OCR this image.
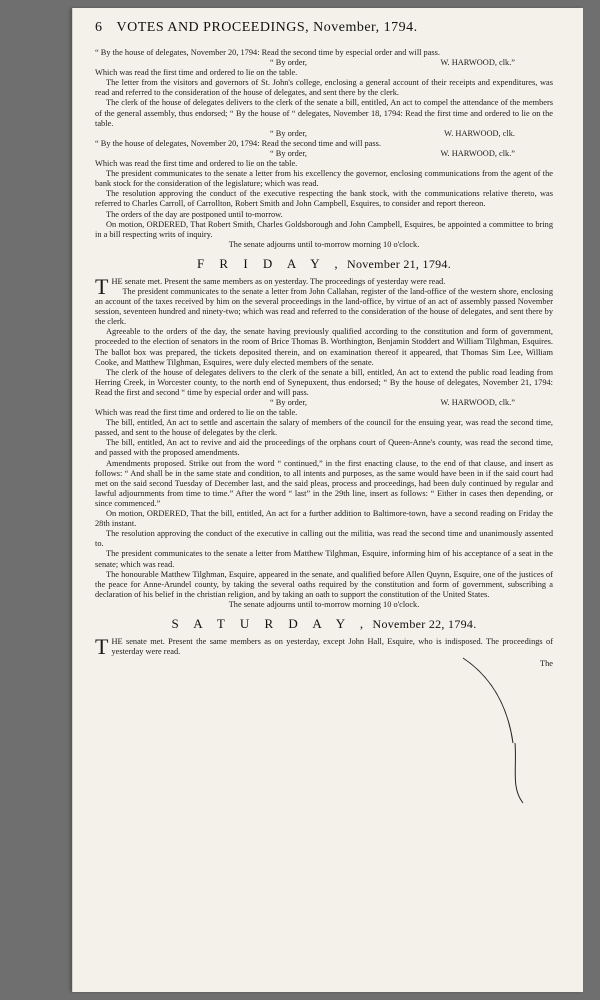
6 VOTES AND PROCEEDINGS, November, 1794.

“ By the house of delegates, November 20, 1794: Read the second time by especial order and will pass.

“ By order,	W. HARWOOD, clk.”

Which was read the first time and ordered to lie on the table.

The letter from the visitors and governors of St. John's college, enclosing a general account of their receipts and expenditures, was read and referred to the consideration of the house of delegates, and sent there by the clerk.

The clerk of the house of delegates delivers to the clerk of the senate a bill, entitled, An act to compel the attendance of the members of the general assembly, thus endorsed; “ By the house of “ delegates, November 18, 1794: Read the first time and ordered to lie on the table.

“ By order,	W. HARWOOD, clk.

“ By the house of delegates, November 20, 1794: Read the second time and will pass.

“ By order,	W. HARWOOD, clk.”

Which was read the first time and ordered to lie on the table.

The president communicates to the senate a letter from his excellency the governor, enclosing communications from the agent of the bank stock for the consideration of the legislature; which was read.

The resolution approving the conduct of the executive respecting the bank stock, with the communications relative thereto, was referred to Charles Carroll, of Carrollton, Robert Smith and John Campbell, Esquires, to consider and report thereon.

The orders of the day are postponed until to-morrow.

On motion, ORDERED, That Robert Smith, Charles Goldsborough and John Campbell, Esquires, be appointed a committee to bring in a bill respecting writs of inquiry.

The senate adjourns until to-morrow morning 10 o'clock.

F R I D A Y , November 21, 1794.

THE senate met. Present the same members as on yesterday. The proceedings of yesterday were read.

The president communicates to the senate a letter from John Callahan, register of the land-office of the western shore, enclosing an account of the taxes received by him on the several proceedings in the land-office, by virtue of an act of assembly passed November session, seventeen hundred and ninety-two; which was read and referred to the consideration of the house of delegates, and sent there by the clerk.

Agreeable to the orders of the day, the senate having previously qualified according to the constitution and form of government, proceeded to the election of senators in the room of Brice Thomas B. Worthington, Benjamin Stoddert and William Tilghman, Esquires. The ballot box was prepared, the tickets deposited therein, and on examination thereof it appeared, that Thomas Sim Lee, William Cooke, and Matthew Tilghman, Esquires, were duly elected members of the senate.

The clerk of the house of delegates delivers to the clerk of the senate a bill, entitled, An act to extend the public road leading from Herring Creek, in Worcester county, to the north end of Synepuxent, thus endorsed; “ By the house of delegates, November 21, 1794: Read the first and second “ time by especial order and will pass.

“ By order,	W. HARWOOD, clk.”

Which was read the first time and ordered to lie on the table.

The bill, entitled, An act to settle and ascertain the salary of members of the council for the ensuing year, was read the second time, passed, and sent to the house of delegates by the clerk.

The bill, entitled, An act to revive and aid the proceedings of the orphans court of Queen-Anne's county, was read the second time, and passed with the proposed amendments.

Amendments proposed. Strike out from the word “ continued,” in the first enacting clause, to the end of that clause, and insert as follows: “ And shall be in the same state and condition, to all intents and purposes, as the same would have been in if the said court had met on the said second Tuesday of December last, and the said pleas, process and proceedings, had been duly continued by regular and lawful adjournments from time to time.” After the word “ last” in the 29th line, insert as follows: “ Either in cases then depending, or since commenced.”

On motion, ORDERED, That the bill, entitled, An act for a further addition to Baltimore-town, have a second reading on Friday the 28th instant.

The resolution approving the conduct of the executive in calling out the militia, was read the second time and unanimously assented to.

The president communicates to the senate a letter from Matthew Tilghman, Esquire, informing him of his acceptance of a seat in the senate; which was read.

The honourable Matthew Tilghman, Esquire, appeared in the senate, and qualified before Allen Quynn, Esquire, one of the justices of the peace for Anne-Arundel county, by taking the several oaths required by the constitution and form of government, subscribing a declaration of his belief in the christian religion, and by taking an oath to support the constitution of the United States.

The senate adjourns until to-morrow morning 10 o'clock.

S A T U R D A Y , November 22, 1794.

THE senate met. Present the same members as on yesterday, except John Hall, Esquire, who is indisposed. The proceedings of yesterday were read.

The
